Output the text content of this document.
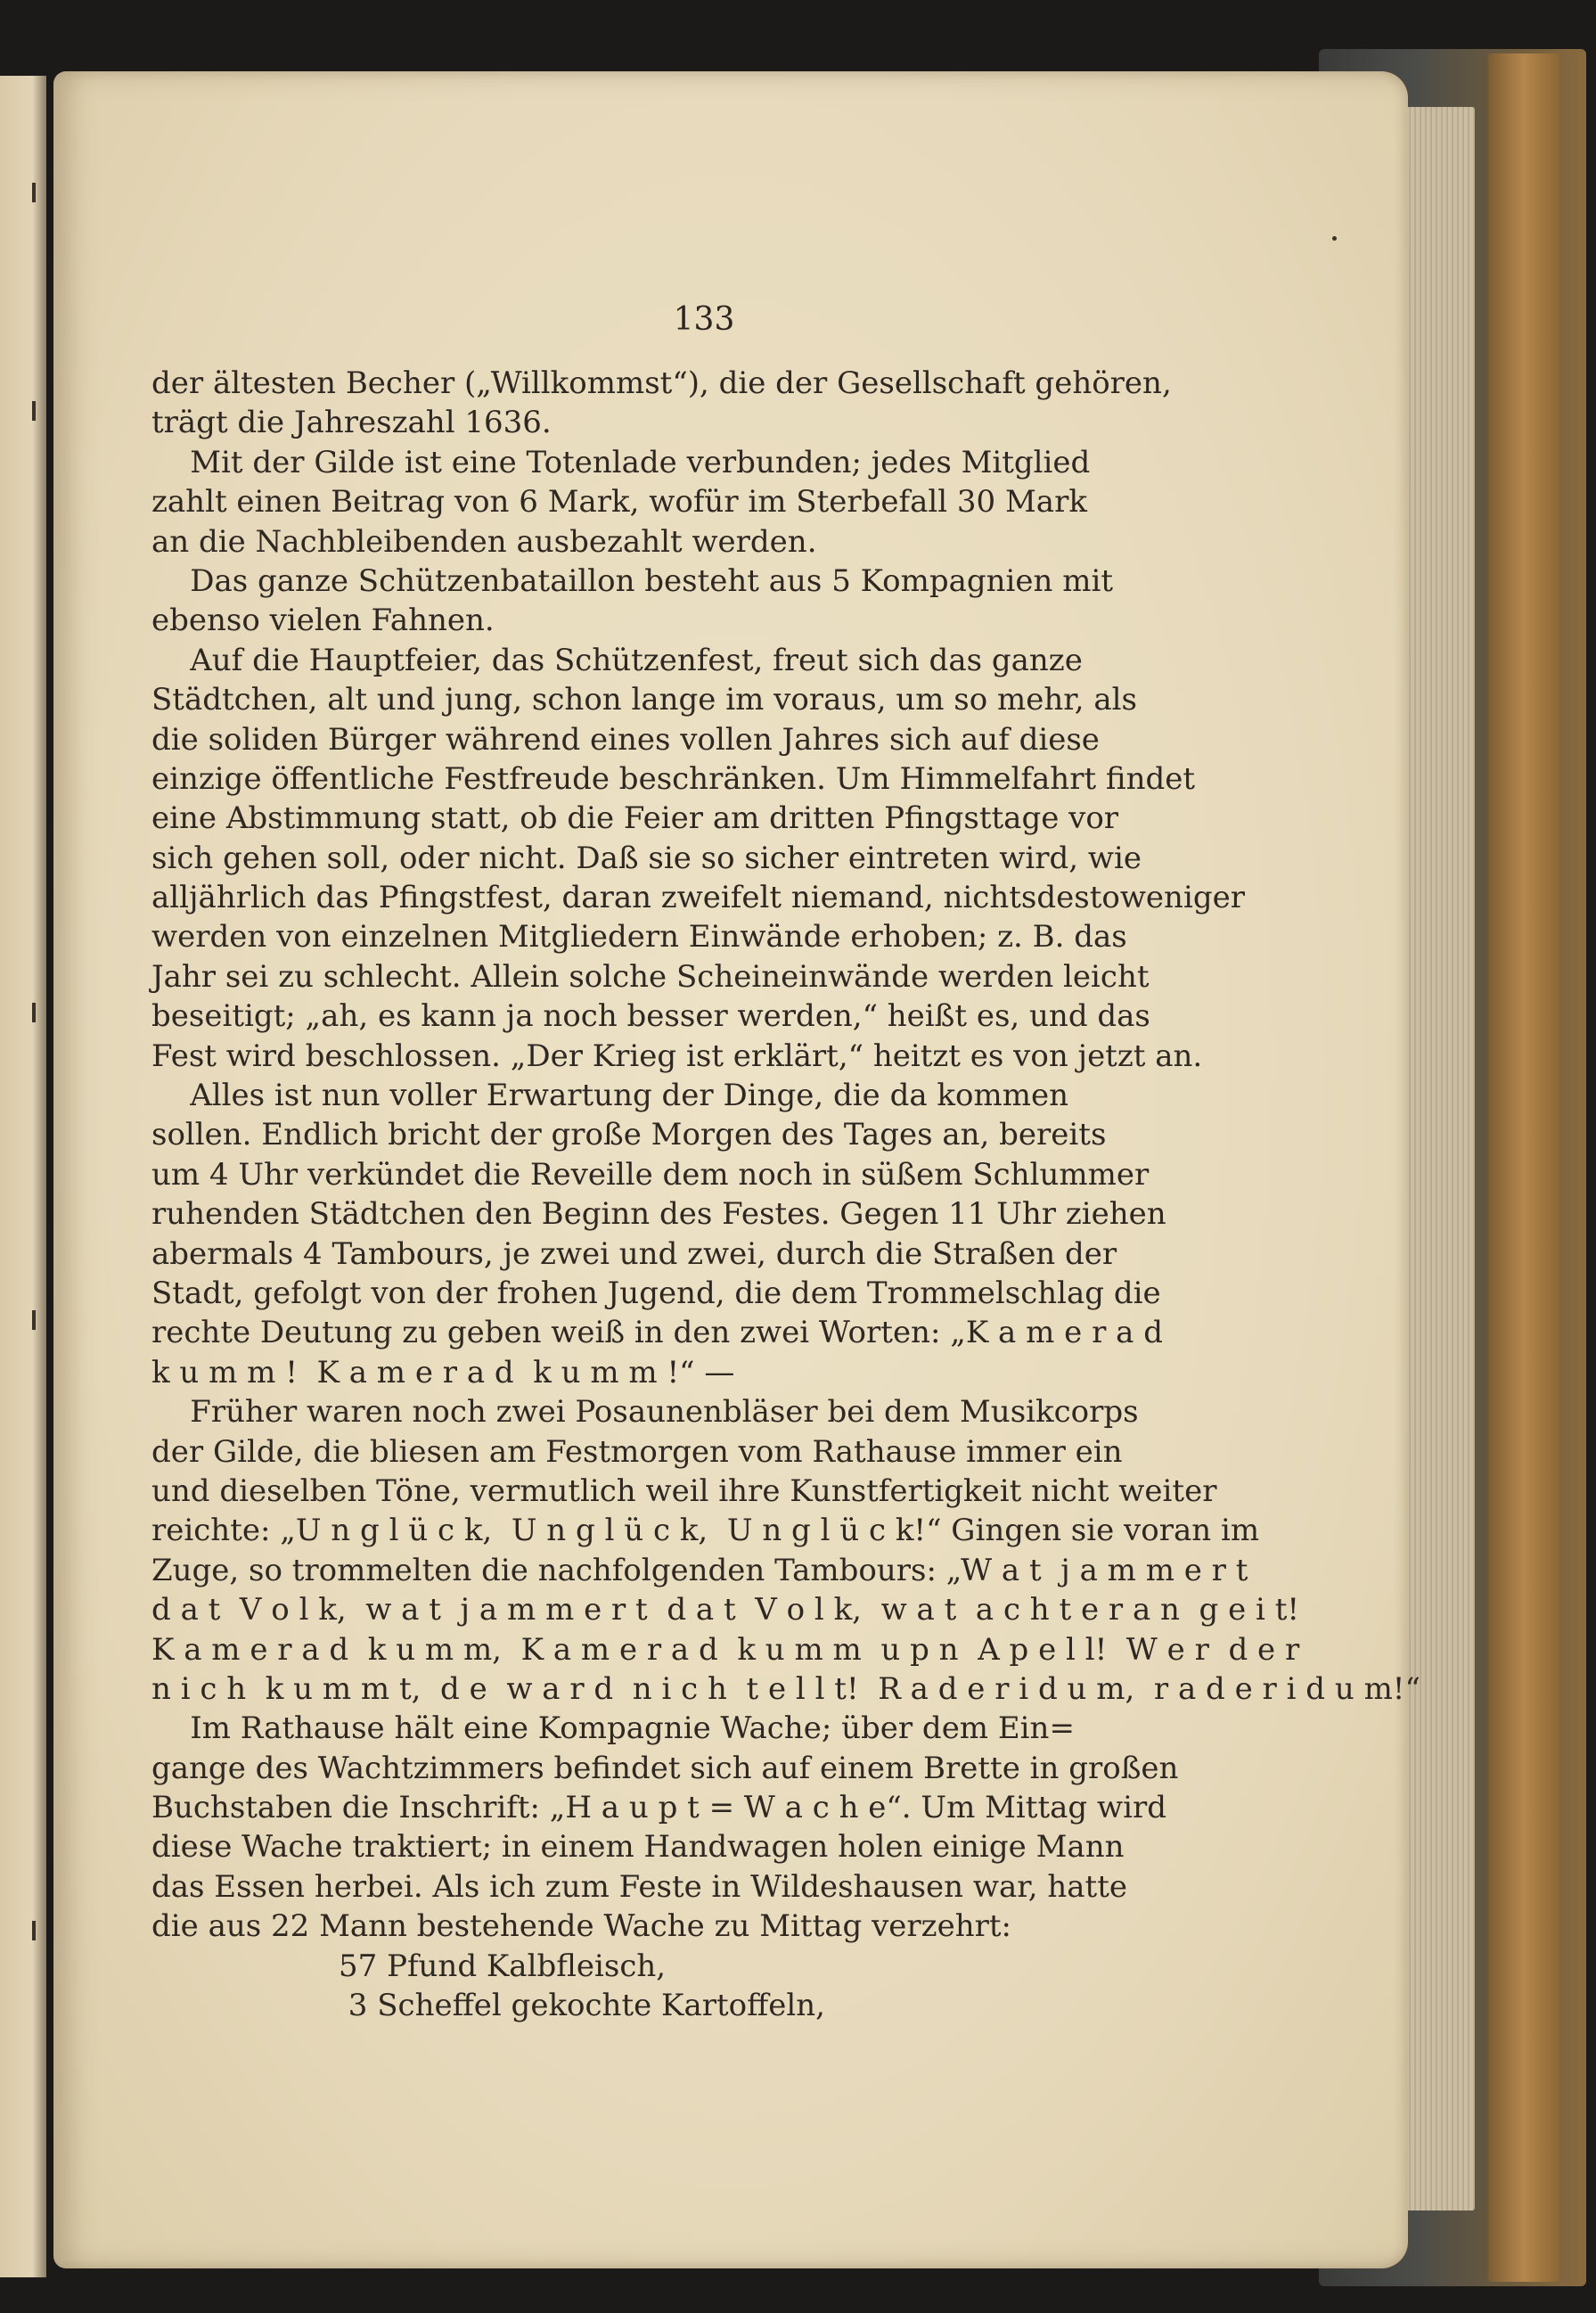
133
der ältesten Becher („Willkommst“), die der Gesellschaft gehören,
trägt die Jahreszahl 1636.
Mit der Gilde ist eine Totenlade verbunden; jedes Mitglied
zahlt einen Beitrag von 6 Mark, wofür im Sterbefall 30 Mark
an die Nachbleibenden ausbezahlt werden.
Das ganze Schützenbataillon besteht aus 5 Kompagnien mit
ebenso vielen Fahnen.
Auf die Hauptfeier, das Schützenfest, freut sich das ganze
Städtchen, alt und jung, schon lange im voraus, um so mehr, als
die soliden Bürger während eines vollen Jahres sich auf diese
einzige öffentliche Festfreude beschränken. Um Himmelfahrt findet
eine Abstimmung statt, ob die Feier am dritten Pfingsttage vor
sich gehen soll, oder nicht. Daß sie so sicher eintreten wird, wie
alljährlich das Pfingstfest, daran zweifelt niemand, nichtsdestoweniger
werden von einzelnen Mitgliedern Einwände erhoben; z. B. das
Jahr sei zu schlecht. Allein solche Scheineinwände werden leicht
beseitigt; „ah, es kann ja noch besser werden,“ heißt es, und das
Fest wird beschlossen. „Der Krieg ist erklärt,“ heitzt es von jetzt an.
Alles ist nun voller Erwartung der Dinge, die da kommen
sollen. Endlich bricht der große Morgen des Tages an, bereits
um 4 Uhr verkündet die Reveille dem noch in süßem Schlummer
ruhenden Städtchen den Beginn des Festes. Gegen 11 Uhr ziehen
abermals 4 Tambours, je zwei und zwei, durch die Straßen der
Stadt, gefolgt von der frohen Jugend, die dem Trommelschlag die
rechte Deutung zu geben weiß in den zwei Worten: „K a m e r a d
k u m m !  K a m e r a d  k u m m !“ —
Früher waren noch zwei Posaunenbläser bei dem Musikcorps
der Gilde, die bliesen am Festmorgen vom Rathause immer ein
und dieselben Töne, vermutlich weil ihre Kunstfertigkeit nicht weiter
reichte: „U n g l ü c k,  U n g l ü c k,  U n g l ü c k!“ Gingen sie voran im
Zuge, so trommelten die nachfolgenden Tambours: „W a t  j a m m e r t
d a t  V o l k,  w a t  j a m m e r t  d a t  V o l k,  w a t  a c h t e r a n  g e i t!
K a m e r a d  k u m m,  K a m e r a d  k u m m  u p n  A p e l l!  W e r  d e r
n i c h  k u m m t,  d e  w a r d  n i c h  t e l l t!  R a d e r i d u m,  r a d e r i d u m!“
Im Rathause hält eine Kompagnie Wache; über dem Ein=
gange des Wachtzimmers befindet sich auf einem Brette in großen
Buchstaben die Inschrift: „H a u p t = W a c h e“. Um Mittag wird
diese Wache traktiert; in einem Handwagen holen einige Mann
das Essen herbei. Als ich zum Feste in Wildeshausen war, hatte
die aus 22 Mann bestehende Wache zu Mittag verzehrt:
57 Pfund Kalbfleisch,
3 Scheffel gekochte Kartoffeln,
